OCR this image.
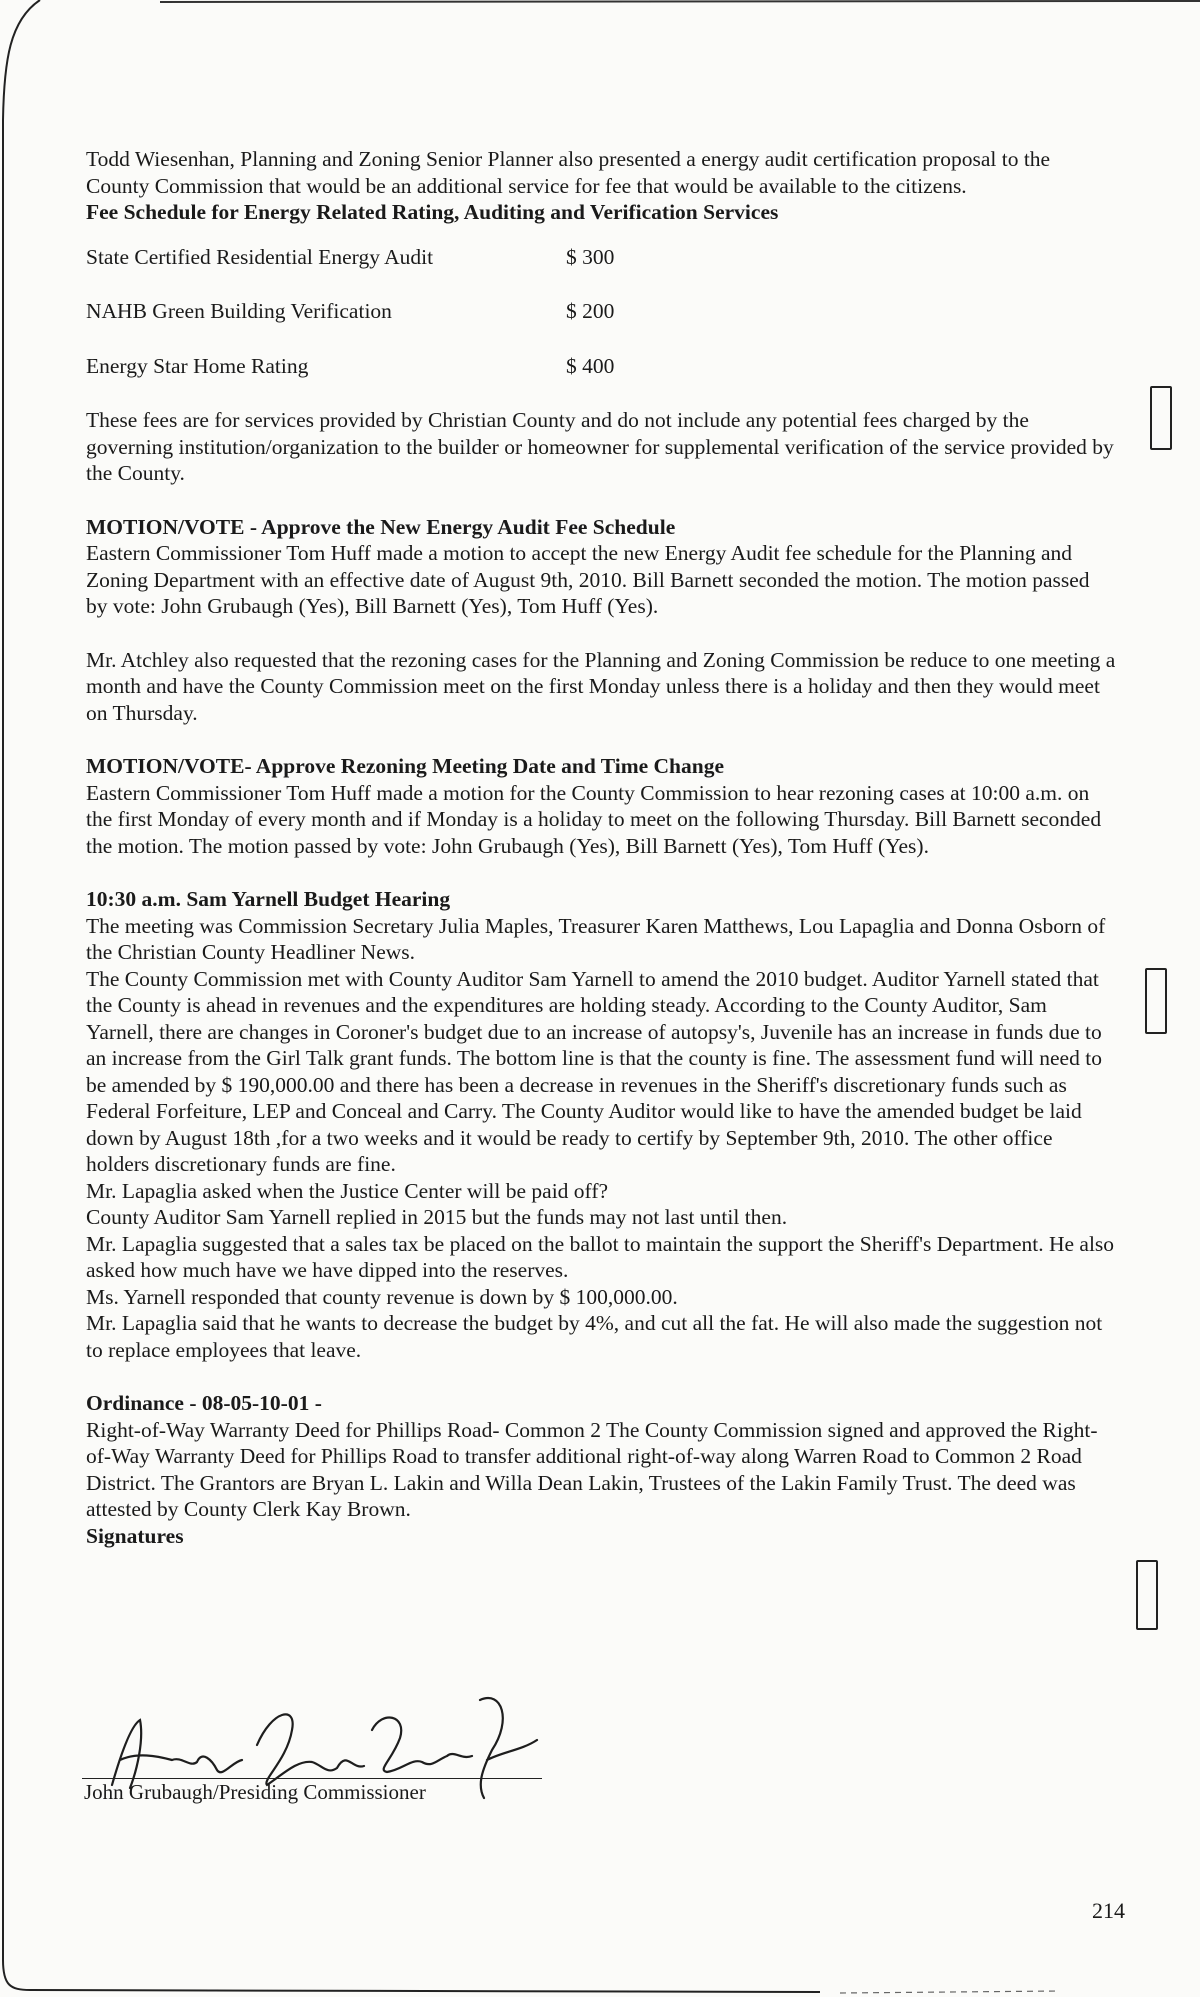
Todd Wiesenhan, Planning and Zoning Senior Planner also presented a energy audit certification proposal to the County Commission that would be an additional service for fee that would be available to the citizens.

Fee Schedule for Energy Related Rating, Auditing and Verification Services

State Certified Residential Energy Audit	$ 300
NAHB Green Building Verification	$ 200
Energy Star Home Rating	$ 400

These fees are for services provided by Christian County and do not include any potential fees charged by the governing institution/organization to the builder or homeowner for supplemental verification of the service provided by the County.

MOTION/VOTE - Approve the New Energy Audit Fee Schedule

Eastern Commissioner Tom Huff made a motion to accept the new Energy Audit fee schedule for the Planning and Zoning Department with an effective date of August 9th, 2010. Bill Barnett seconded the motion. The motion passed by vote: John Grubaugh (Yes), Bill Barnett (Yes), Tom Huff (Yes).

Mr. Atchley also requested that the rezoning cases for the Planning and Zoning Commission be reduce to one meeting a month and have the County Commission meet on the first Monday unless there is a holiday and then they would meet on Thursday.

MOTION/VOTE- Approve Rezoning Meeting Date and Time Change

Eastern Commissioner Tom Huff made a motion for the County Commission to hear rezoning cases at 10:00 a.m. on the first Monday of every month and if Monday is a holiday to meet on the following Thursday. Bill Barnett seconded the motion. The motion passed by vote: John Grubaugh (Yes), Bill Barnett (Yes), Tom Huff (Yes).

10:30 a.m. Sam Yarnell Budget Hearing

The meeting was Commission Secretary Julia Maples, Treasurer Karen Matthews, Lou Lapaglia and Donna Osborn of the Christian County Headliner News.

The County Commission met with County Auditor Sam Yarnell to amend the 2010 budget. Auditor Yarnell stated that the County is ahead in revenues and the expenditures are holding steady. According to the County Auditor, Sam Yarnell, there are changes in Coroner's budget due to an increase of autopsy's, Juvenile has an increase in funds due to an increase from the Girl Talk grant funds. The bottom line is that the county is fine. The assessment fund will need to be amended by $ 190,000.00 and there has been a decrease in revenues in the Sheriff's discretionary funds such as Federal Forfeiture, LEP and Conceal and Carry. The County Auditor would like to have the amended budget be laid down by August 18th ,for a two weeks and it would be ready to certify by September 9th, 2010. The other office holders discretionary funds are fine.

Mr. Lapaglia asked when the Justice Center will be paid off?

County Auditor Sam Yarnell replied in 2015 but the funds may not last until then.

Mr. Lapaglia suggested that a sales tax be placed on the ballot to maintain the support the Sheriff's Department. He also asked how much have we have dipped into the reserves.

Ms. Yarnell responded that county revenue is down by $ 100,000.00.

Mr. Lapaglia said that he wants to decrease the budget by 4%, and cut all the fat. He will also made the suggestion not to replace employees that leave.

Ordinance - 08-05-10-01 -

Right-of-Way Warranty Deed for Phillips Road- Common 2 The County Commission signed and approved the Right-of-Way Warranty Deed for Phillips Road to transfer additional right-of-way along Warren Road to Common 2 Road District. The Grantors are Bryan L. Lakin and Willa Dean Lakin, Trustees of the Lakin Family Trust. The deed was attested by County Clerk Kay Brown.

Signatures

John Grubaugh/Presiding Commissioner
214
